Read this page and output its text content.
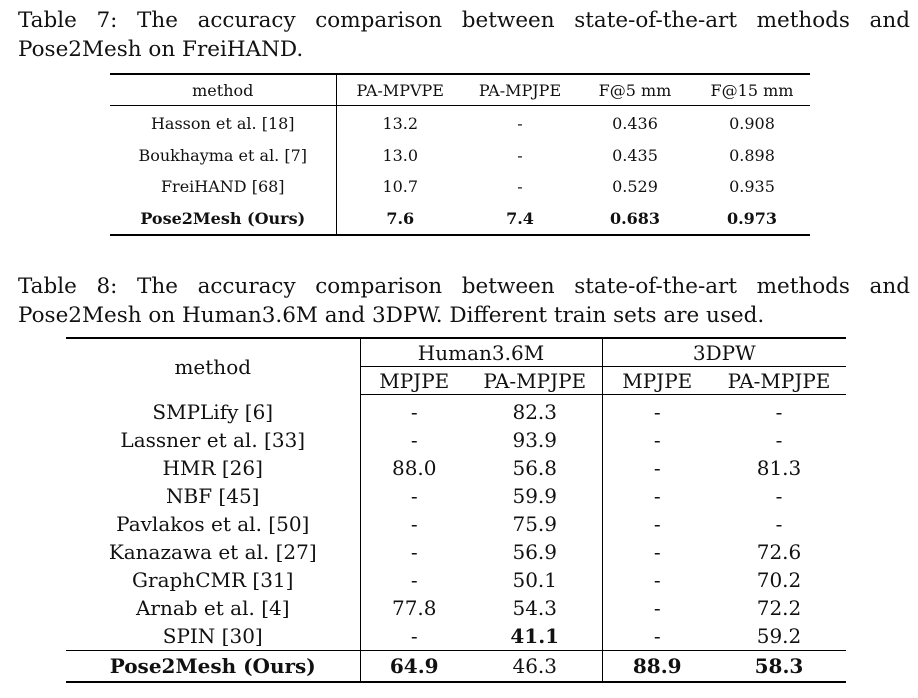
Table 7: The accuracy comparison between state-of-the-art methods and Pose2Mesh on FreiHAND.
method	PA-MPVPE	PA-MPJPE	F@5 mm	F@15 mm
Hasson et al. [18]	13.2	-	0.436	0.908
Boukhayma et al. [7]	13.0	-	0.435	0.898
FreiHAND [68]	10.7	-	0.529	0.935
Pose2Mesh (Ours)	7.6	7.4	0.683	0.973
Table 8: The accuracy comparison between state-of-the-art methods and Pose2Mesh on Human3.6M and 3DPW. Different train sets are used.
method	Human3.6M		3DPW	
	MPJPE	PA-MPJPE	MPJPE	PA-MPJPE
SMPLify [6]	-	82.3	-	-
Lassner et al. [33]	-	93.9	-	-
HMR [26]	88.0	56.8	-	81.3
NBF [45]	-	59.9	-	-
Pavlakos et al. [50]	-	75.9	-	-
Kanazawa et al. [27]	-	56.9	-	72.6
GraphCMR [31]	-	50.1	-	70.2
Arnab et al. [4]	77.8	54.3	-	72.2
SPIN [30]	-	41.1	-	59.2
Pose2Mesh (Ours)	64.9	46.3	88.9	58.3
